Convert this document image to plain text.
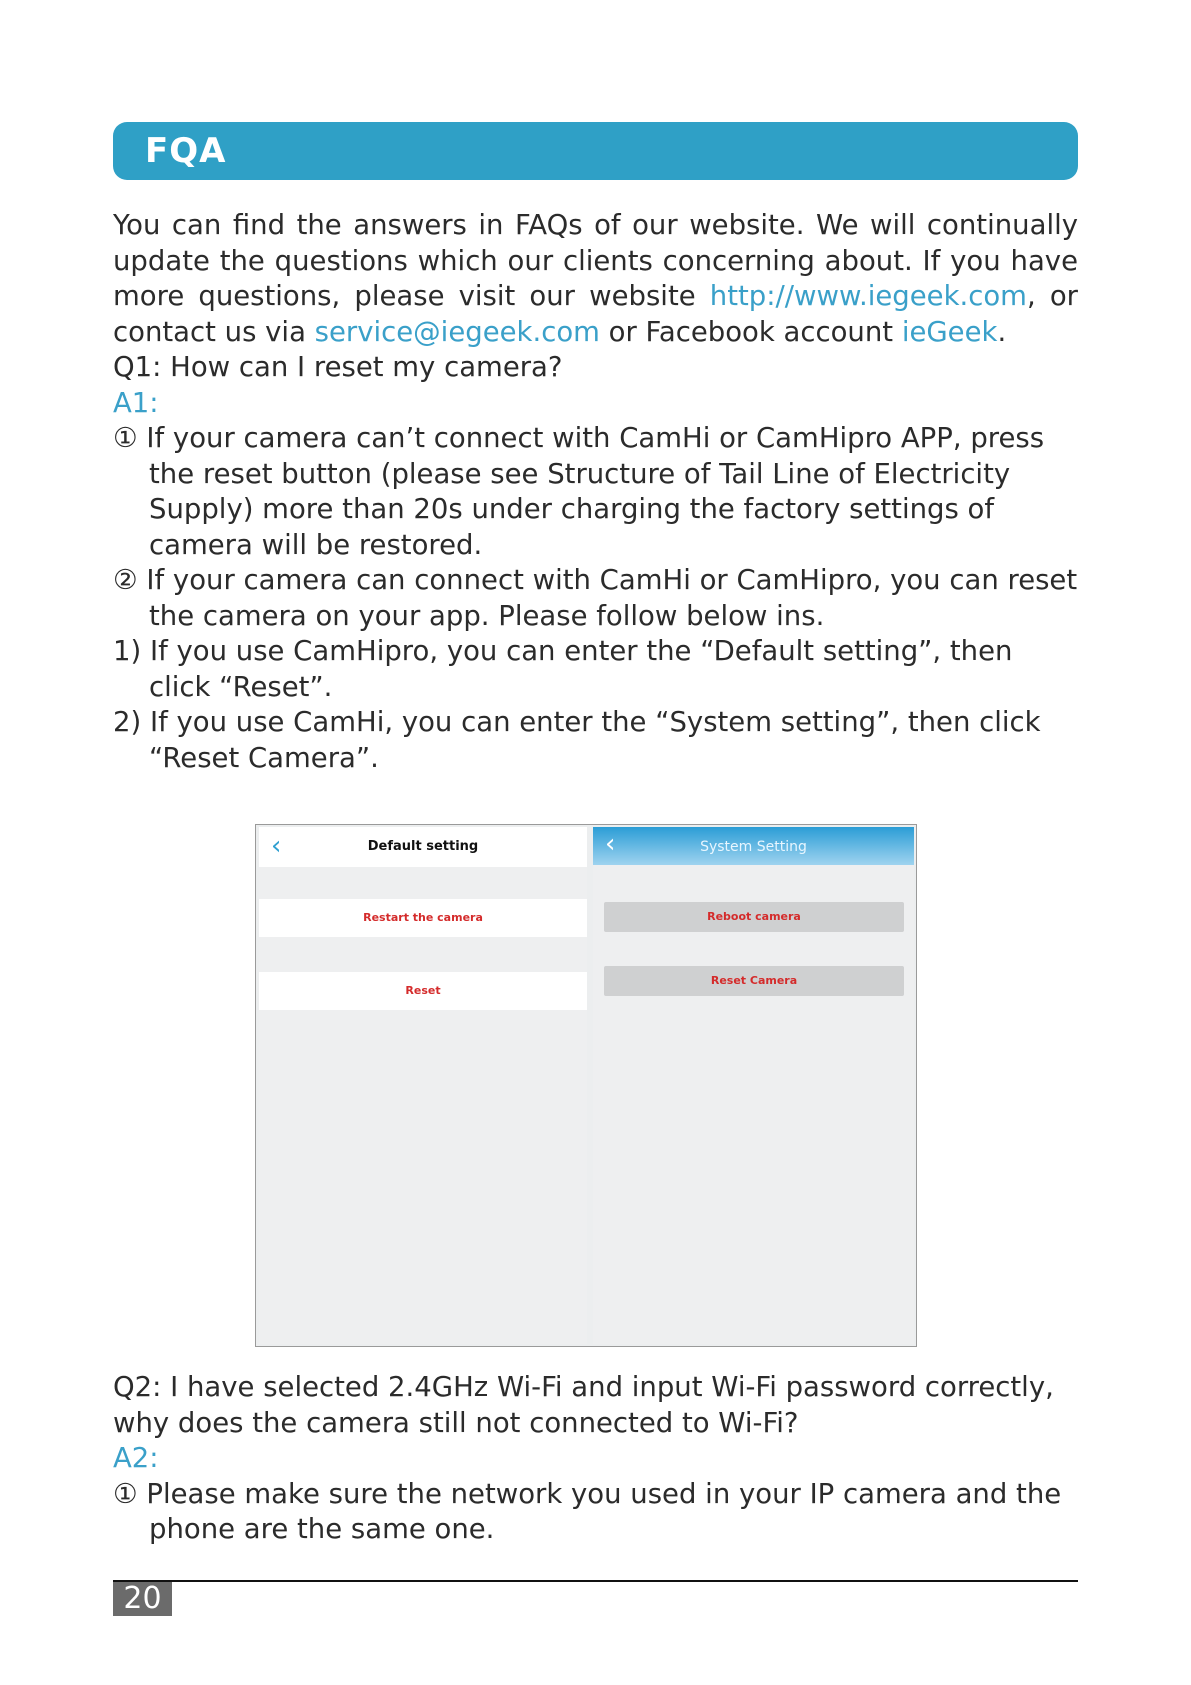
FQA

You can find the answers in FAQs of our website. We will continually update the questions which our clients concerning about. If you have more questions, please visit our website http://www.iegeek.com, or contact us via service@iegeek.com or Facebook account ieGeek.

Q1: How can I reset my camera?

A1:

① If your camera can’t connect with CamHi or CamHipro APP, press the reset button (please see Structure of Tail Line of Electricity Supply) more than 20s under charging the factory settings of camera will be restored.

② If your camera can connect with CamHi or CamHipro, you can reset the camera on your app. Please follow below ins.

1) If you use CamHipro, you can enter the “Default setting”, then click “Reset”.

2) If you use CamHi, you can enter the “System setting”, then click “Reset Camera”.

‹	Default setting
Restart the camera
Reset
‹	System Setting
Reboot camera
Reset Camera

Q2: I have selected 2.4GHz Wi-Fi and input Wi-Fi password correctly, why does the camera still not connected to Wi-Fi?

A2:

① Please make sure the network you used in your IP camera and the phone are the same one.

20
